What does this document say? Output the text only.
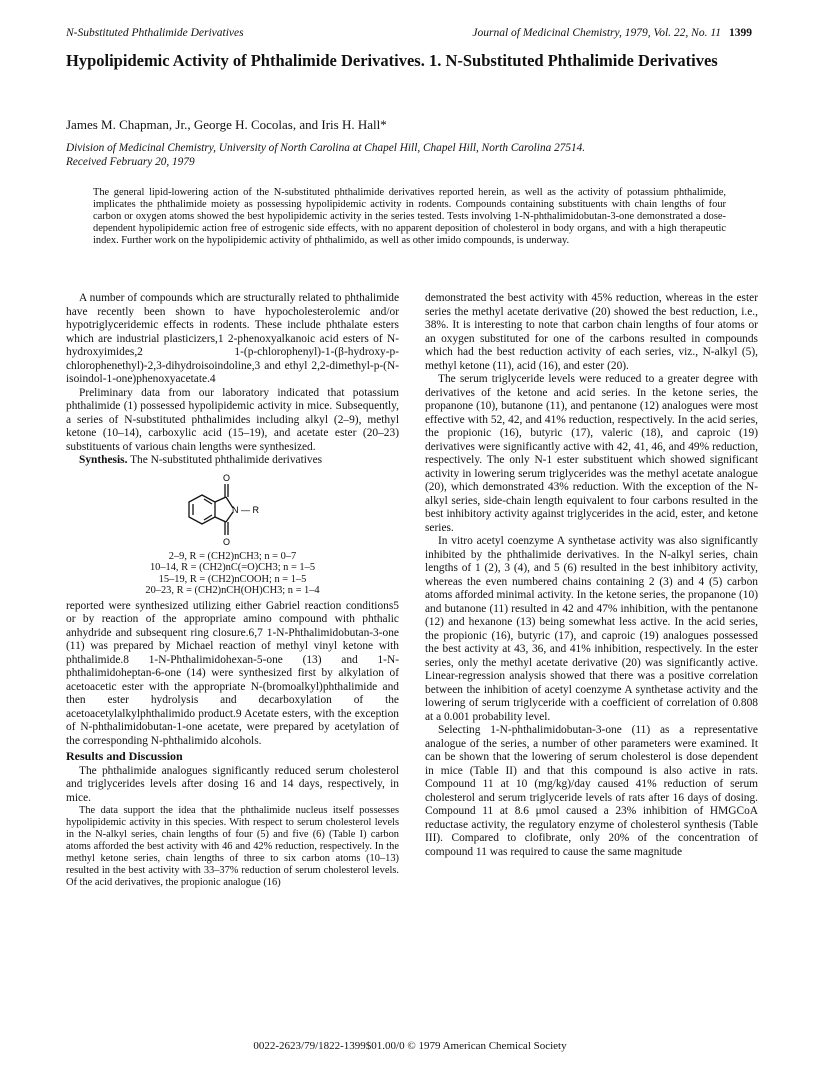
N-Substituted Phthalimide Derivatives	Journal of Medicinal Chemistry, 1979, Vol. 22, No. 11 1399
Hypolipidemic Activity of Phthalimide Derivatives. 1. N-Substituted Phthalimide Derivatives
James M. Chapman, Jr., George H. Cocolas, and Iris H. Hall*
Division of Medicinal Chemistry, University of North Carolina at Chapel Hill, Chapel Hill, North Carolina 27514.
Received February 20, 1979
The general lipid-lowering action of the N-substituted phthalimide derivatives reported herein, as well as the activity of potassium phthalimide, implicates the phthalimide moiety as possessing hypolipidemic activity in rodents. Compounds containing substituents with chain lengths of four carbon or oxygen atoms showed the best hypolipidemic activity in the series tested. Tests involving 1-N-phthalimidobutan-3-one demonstrated a dose-dependent hypolipidemic action free of estrogenic side effects, with no apparent deposition of cholesterol in body organs, and with a high therapeutic index. Further work on the hypolipidemic activity of phthalimido, as well as other imido compounds, is underway.

A number of compounds which are structurally related to phthalimide have recently been shown to have hypocholesterolemic and/or hypotriglyceridemic effects in rodents. These include phthalate esters which are industrial plasticizers,1 2-phenoxyalkanoic acid esters of N-hydroxyimides,2 1-(p-chlorophenyl)-1-(β-hydroxy-p-chlorophenethyl)-2,3-dihydroisoindoline,3 and ethyl 2,2-dimethyl-p-(N-isoindol-1-one)phenoxyacetate.4

Preliminary data from our laboratory indicated that potassium phthalimide (1) possessed hypolipidemic activity in mice. Subsequently, a series of N-substituted phthalimides including alkyl (2–9), methyl ketone (10–14), carboxylic acid (15–19), and acetate ester (20–23) substituents of various chain lengths were synthesized.

Synthesis. The N-substituted phthalimide derivatives

O
O
N — R
2–9, R = (CH2)nCH3; n = 0–7
10–14, R = (CH2)nC(=O)CH3; n = 1–5
15–19, R = (CH2)nCOOH; n = 1–5
20–23, R = (CH2)nCH(OH)CH3; n = 1–4

reported were synthesized utilizing either Gabriel reaction conditions5 or by reaction of the appropriate amino compound with phthalic anhydride and subsequent ring closure.6,7 1-N-Phthalimidobutan-3-one (11) was prepared by Michael reaction of methyl vinyl ketone with phthalimide.8 1-N-Phthalimidohexan-5-one (13) and 1-N-phthalimidoheptan-6-one (14) were synthesized first by alkylation of acetoacetic ester with the appropriate N-(bromoalkyl)phthalimide and then ester hydrolysis and decarboxylation of the acetoacetylalkylphthalimido product.9 Acetate esters, with the exception of N-phthalimidobutan-1-one acetate, were prepared by acetylation of the corresponding N-phthalimido alcohols.

Results and Discussion

The phthalimide analogues significantly reduced serum cholesterol and triglycerides levels after dosing 16 and 14 days, respectively, in mice.

The data support the idea that the phthalimide nucleus itself possesses hypolipidemic activity in this species. With respect to serum cholesterol levels in the N-alkyl series, chain lengths of four (5) and five (6) (Table I) carbon atoms afforded the best activity with 46 and 42% reduction, respectively. In the methyl ketone series, chain lengths of three to six carbon atoms (10–13) resulted in the best activity with 33–37% reduction of serum cholesterol levels. Of the acid derivatives, the propionic analogue (16)

demonstrated the best activity with 45% reduction, whereas in the ester series the methyl acetate derivative (20) showed the best reduction, i.e., 38%. It is interesting to note that carbon chain lengths of four atoms or an oxygen substituted for one of the carbons resulted in compounds which had the best reduction activity of each series, viz., N-alkyl (5), methyl ketone (11), acid (16), and ester (20).

The serum triglyceride levels were reduced to a greater degree with derivatives of the ketone and acid series. In the ketone series, the propanone (10), butanone (11), and pentanone (12) analogues were most effective with 52, 42, and 41% reduction, respectively. In the acid series, the propionic (16), butyric (17), valeric (18), and caproic (19) derivatives were significantly active with 42, 41, 46, and 49% reduction, respectively. The only N-1 ester substituent which showed significant activity in lowering serum triglycerides was the methyl acetate analogue (20), which demonstrated 43% reduction. With the exception of the N-alkyl series, side-chain length equivalent to four carbons resulted in the best inhibitory activity against triglycerides in the acid, ester, and ketone series.

In vitro acetyl coenzyme A synthetase activity was also significantly inhibited by the phthalimide derivatives. In the N-alkyl series, chain lengths of 1 (2), 3 (4), and 5 (6) resulted in the best inhibitory activity, whereas the even numbered chains containing 2 (3) and 4 (5) carbon atoms afforded minimal activity. In the ketone series, the propanone (10) and butanone (11) resulted in 42 and 47% inhibition, with the pentanone (12) and hexanone (13) being somewhat less active. In the acid series, the propionic (16), butyric (17), and caproic (19) analogues possessed the best activity at 43, 36, and 41% inhibition, respectively. In the ester series, only the methyl acetate derivative (20) was significantly active. Linear-regression analysis showed that there was a positive correlation between the inhibition of acetyl coenzyme A synthetase activity and the lowering of serum triglyceride with a coefficient of correlation of 0.808 at a 0.001 probability level.

Selecting 1-N-phthalimidobutan-3-one (11) as a representative analogue of the series, a number of other parameters were examined. It can be shown that the lowering of serum cholesterol is dose dependent in mice (Table II) and that this compound is also active in rats. Compound 11 at 10 (mg/kg)/day caused 41% reduction of serum cholesterol and serum triglyceride levels of rats after 16 days of dosing. Compound 11 at 8.6 μmol caused a 23% inhibition of HMGCoA reductase activity, the regulatory enzyme of cholesterol synthesis (Table III). Compared to clofibrate, only 20% of the concentration of compound 11 was required to cause the same magnitude

0022-2623/79/1822-1399$01.00/0 © 1979 American Chemical Society
